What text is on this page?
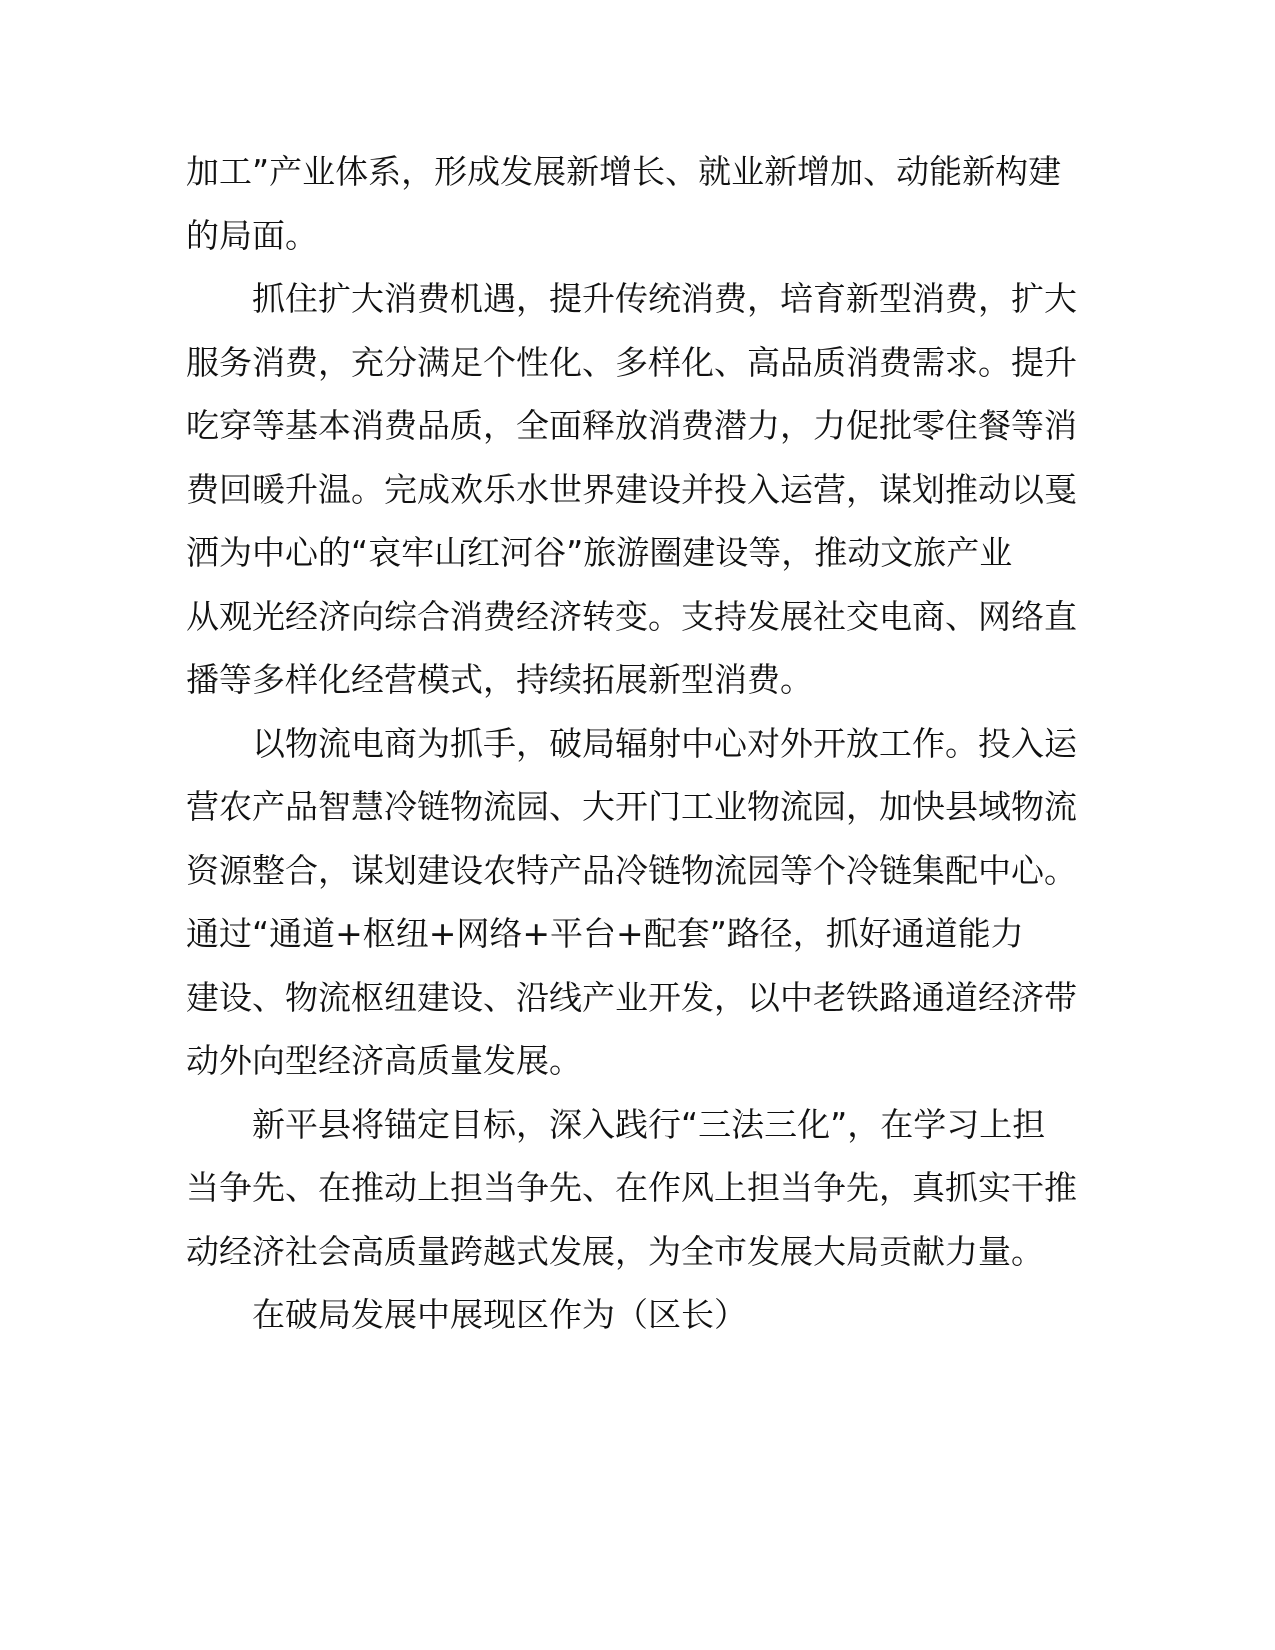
加工”产业体系，形成发展新增长、就业新增加、动能新构建
的局面。

抓住扩大消费机遇，提升传统消费，培育新型消费，扩大
服务消费，充分满足个性化、多样化、高品质消费需求。提升
吃穿等基本消费品质，全面释放消费潜力，力促批零住餐等消
费回暖升温。完成欢乐水世界建设并投入运营，谋划推动以戛
洒为中心的“哀牢山̄红河谷”旅游圈建设等，推动文旅产业
从观光经济向综合消费经济转变。支持发展社交电商、网络直
播等多样化经营模式，持续拓展新型消费。

以物流电商为抓手，破局辐射中心对外开放工作。投入运
营农产品智慧冷链物流园、大开门工业物流园，加快县域物流
资源整合，谋划建设农特产品冷链物流园等个冷链集配中心。
通过“通道+枢纽+网络+平台+配套”路径，抓好通道能力
建设、物流枢纽建设、沿线产业开发，以中老铁路通道经济带
动外向型经济高质量发展。

新平县将锚定目标，深入践行“三法三化”，在学习上担
当争先、在推动上担当争先、在作风上担当争先，真抓实干推
动经济社会高质量跨越式发展，为全市发展大局贡献力量。

在破局发展中展现区作为（区长）
